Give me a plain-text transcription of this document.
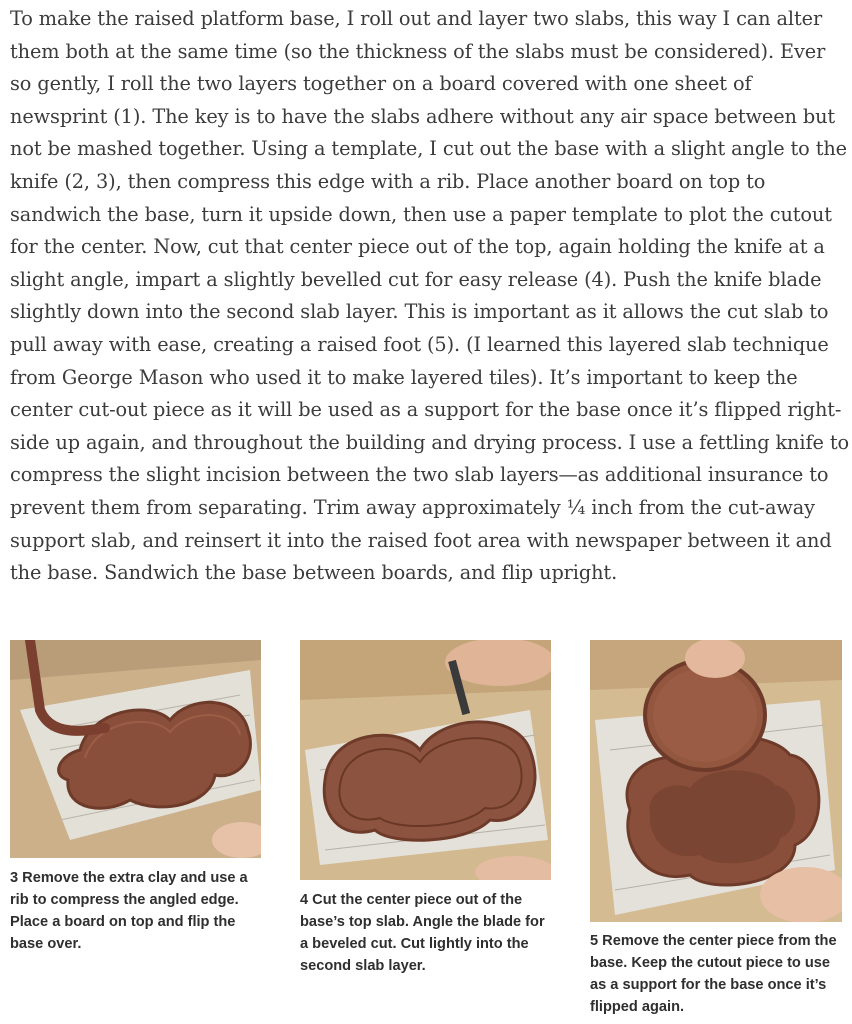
To make the raised platform base, I roll out and layer two slabs, this way I can alter them both at the same time (so the thickness of the slabs must be considered). Ever so gently, I roll the two layers together on a board covered with one sheet of newsprint (1). The key is to have the slabs adhere without any air space between but not be mashed together. Using a template, I cut out the base with a slight angle to the knife (2, 3), then compress this edge with a rib. Place another board on top to sandwich the base, turn it upside down, then use a paper template to plot the cutout for the center. Now, cut that center piece out of the top, again holding the knife at a slight angle, impart a slightly bevelled cut for easy release (4). Push the knife blade slightly down into the second slab layer. This is important as it allows the cut slab to pull away with ease, creating a raised foot (5). (I learned this layered slab technique from George Mason who used it to make layered tiles). It’s important to keep the center cut-out piece as it will be used as a support for the base once it’s flipped right-side up again, and throughout the building and drying process. I use a fettling knife to compress the slight incision between the two slab layers—as additional insurance to prevent them from separating. Trim away approximately ¼ inch from the cut-away support slab, and reinsert it into the raised foot area with newspaper between it and the base. Sandwich the base between boards, and flip upright.

3 Remove the extra clay and use a rib to compress the angled edge. Place a board on top and flip the base over.

4 Cut the center piece out of the base’s top slab. Angle the blade for a beveled cut. Cut lightly into the second slab layer.

5 Remove the center piece from the base. Keep the cutout piece to use as a support for the base once it’s flipped again.
